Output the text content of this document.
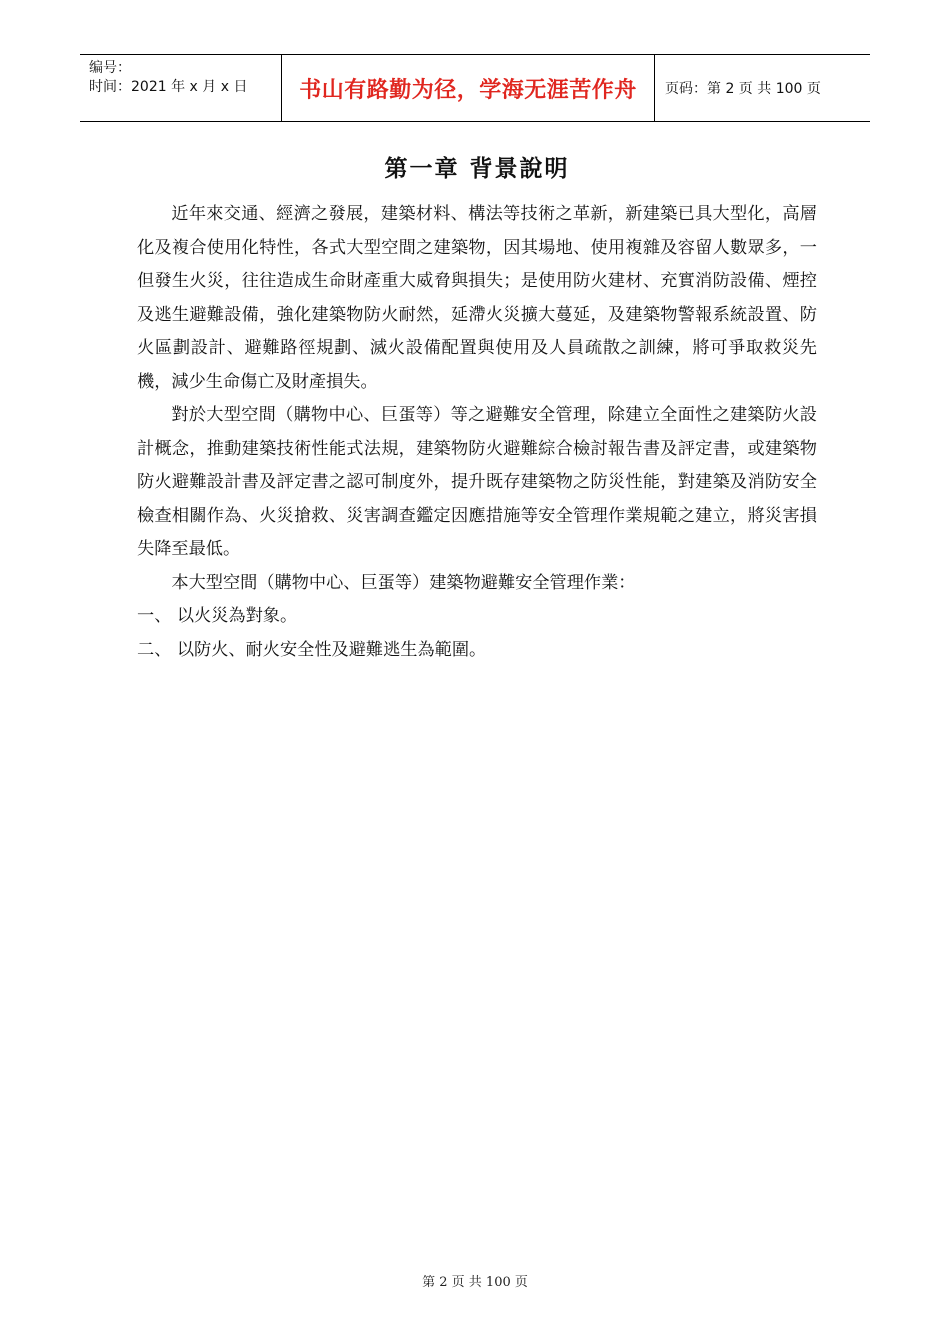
编号：
时间：2021 年 x 月 x 日	书山有路勤为径，学海无涯苦作舟	页码：第 2 页 共 100 页
第一章 背景說明

近年來交通、經濟之發展，建築材料、構法等技術之革新，新建築已具大型化，高層化及複合使用化特性，各式大型空間之建築物，因其場地、使用複雜及容留人數眾多，一但發生火災，往往造成生命財產重大威脅與損失；是使用防火建材、充實消防設備、煙控及逃生避難設備，強化建築物防火耐然，延滯火災擴大蔓延，及建築物警報系統設置、防火區劃設計、避難路徑規劃、滅火設備配置與使用及人員疏散之訓練，將可爭取救災先機，減少生命傷亡及財產損失。

對於大型空間（購物中心、巨蛋等）等之避難安全管理，除建立全面性之建築防火設計概念，推動建築技術性能式法規，建築物防火避難綜合檢討報告書及評定書，或建築物防火避難設計書及評定書之認可制度外，提升既存建築物之防災性能，對建築及消防安全檢查相關作為、火災搶救、災害調查鑑定因應措施等安全管理作業規範之建立，將災害損失降至最低。

本大型空間（購物中心、巨蛋等）建築物避難安全管理作業：

一、 以火災為對象。

二、 以防火、耐火安全性及避難逃生為範圍。

第 2 页 共 100 页
